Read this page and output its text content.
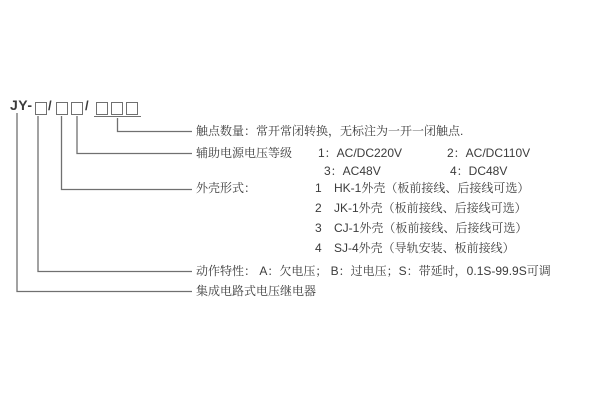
JY- /	/
触点数量：常开常闭转换，无标注为一开一闭触点.
辅助电源电压等级 1：AC/DC220V	2：AC/DC110V
3：AC48V	4：DC48V
外壳形式：	1 HK-1外壳（板前接线、后接线可选）
2 JK-1外壳（板前接线、后接线可选）
3 CJ-1外壳（板前接线、后接线可选）
4 SJ-4外壳（导轨安装、板前接线）
动作特性： A：欠电压； B：过电压；S：带延时，0.1S-99.9S可调
集成电路式电压继电器
